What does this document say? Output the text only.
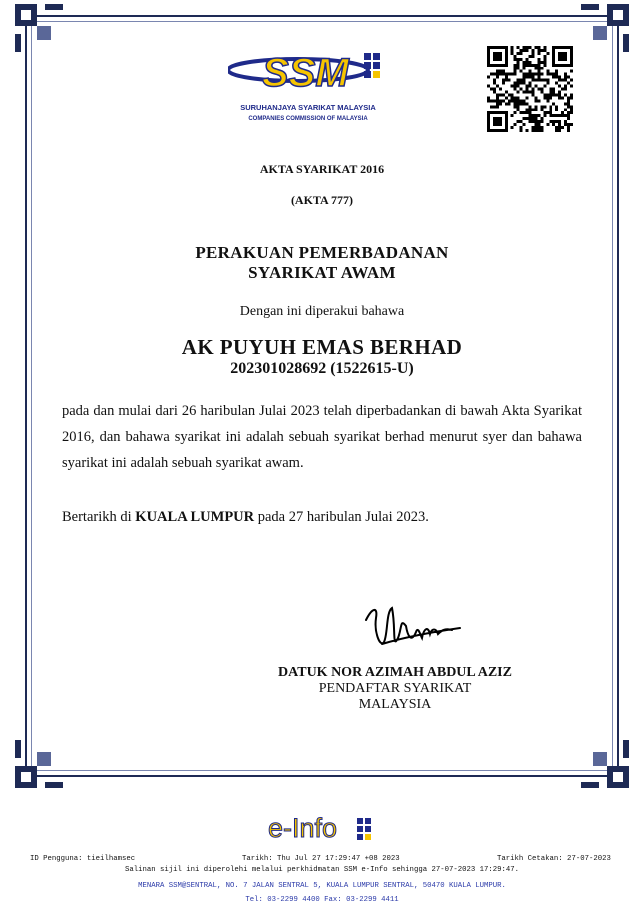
SSM
SURUHANJAYA SYARIKAT MALAYSIA
COMPANIES COMMISSION OF MALAYSIA
AKTA SYARIKAT 2016
(AKTA 777)
PERAKUAN PEMERBADANAN
SYARIKAT AWAM
Dengan ini diperakui bahawa
AK PUYUH EMAS BERHAD
202301028692 (1522615-U)
pada dan mulai dari 26 haribulan Julai 2023 telah diperbadankan di bawah Akta Syarikat 2016, dan bahawa syarikat ini adalah sebuah syarikat berhad menurut syer dan bahawa syarikat ini adalah sebuah syarikat awam.
Bertarikh di KUALA LUMPUR pada 27 haribulan Julai 2023.
DATUK NOR AZIMAH ABDUL AZIZ
PENDAFTAR SYARIKAT
MALAYSIA
e-Info
ID Pengguna: tieilhamsec	Tarikh: Thu Jul 27 17:29:47 +08 2023	Tarikh Cetakan: 27-07-2023
Salinan sijil ini diperolehi melalui perkhidmatan SSM e-Info sehingga 27-07-2023 17:29:47.
MENARA SSM@SENTRAL, NO. 7 JALAN SENTRAL 5, KUALA LUMPUR SENTRAL, 50470 KUALA LUMPUR.
Tel: 03-2299 4400 Fax: 03-2299 4411
